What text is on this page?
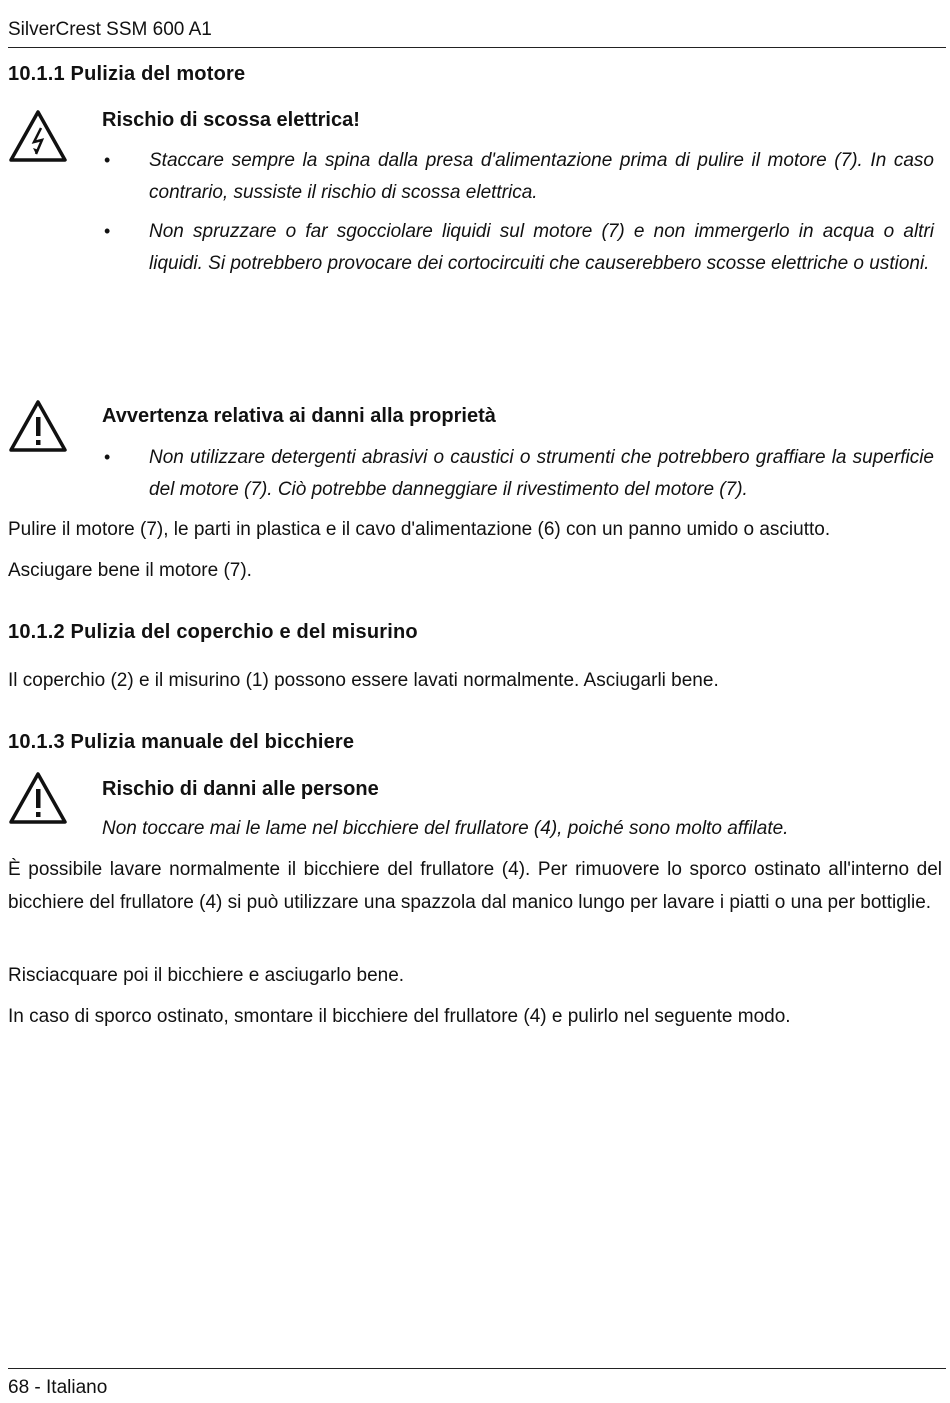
SilverCrest SSM 600 A1
10.1.1 Pulizia del motore
Rischio di scossa elettrica!
• Staccare sempre la spina dalla presa d'alimentazione prima di pulire il motore (7). In caso contrario, sussiste il rischio di scossa elettrica.
• Non spruzzare o far sgocciolare liquidi sul motore (7) e non immergerlo in acqua o altri liquidi. Si potrebbero provocare dei cortocircuiti che causerebbero scosse elettriche o ustioni.
Avvertenza relativa ai danni alla proprietà
• Non utilizzare detergenti abrasivi o caustici o strumenti che potrebbero graffiare la superficie del motore (7). Ciò potrebbe danneggiare il rivestimento del motore (7).
Pulire il motore (7), le parti in plastica e il cavo d'alimentazione (6) con un panno umido o asciutto.
Asciugare bene il motore (7).
10.1.2 Pulizia del coperchio e del misurino
Il coperchio (2) e il misurino (1) possono essere lavati normalmente. Asciugarli bene.
10.1.3 Pulizia manuale del bicchiere
Rischio di danni alle persone
Non toccare mai le lame nel bicchiere del frullatore (4), poiché sono molto affilate.
È possibile lavare normalmente il bicchiere del frullatore (4). Per rimuovere lo sporco ostinato all'interno del bicchiere del frullatore (4) si può utilizzare una spazzola dal manico lungo per lavare i piatti o una per bottiglie.
Risciacquare poi il bicchiere e asciugarlo bene.
In caso di sporco ostinato, smontare il bicchiere del frullatore (4) e pulirlo nel seguente modo.
68 - Italiano
